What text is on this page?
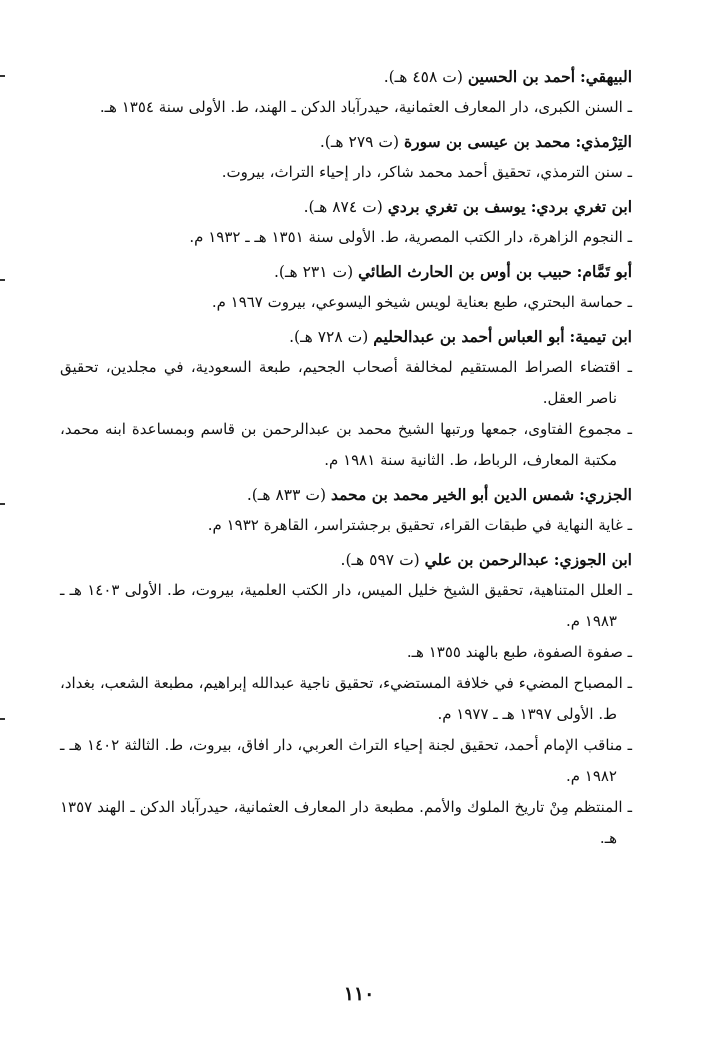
البيهقي: أحمد بن الحسين (ت ٤٥٨ هـ).

ـ السنن الكبرى، دار المعارف العثمانية، حيدرآباد الدكن ـ الهند، ط. الأولى سنة ١٣٥٤ هـ.

التِرْمذي: محمد بن عيسى بن سورة (ت ٢٧٩ هـ).

ـ سنن الترمذي، تحقيق أحمد محمد شاكر، دار إحياء التراث، بيروت.

ابن تغري بردي: يوسف بن تغري بردي (ت ٨٧٤ هـ).

ـ النجوم الزاهرة، دار الكتب المصرية، ط. الأولى سنة ١٣٥١ هـ ـ ١٩٣٢ م.

أبو تَمَّام: حبيب بن أوس بن الحارث الطائي (ت ٢٣١ هـ).

ـ حماسة البحتري، طبع بعناية لويس شيخو اليسوعي، بيروت ١٩٦٧ م.

ابن تيمية: أبو العباس أحمد بن عبدالحليم (ت ٧٢٨ هـ).

ـ اقتضاء الصراط المستقيم لمخالفة أصحاب الجحيم، طبعة السعودية، في مجلدين، تحقيق ناصر العقل.
ـ مجموع الفتاوى، جمعها ورتبها الشيخ محمد بن عبدالرحمن بن قاسم وبمساعدة ابنه محمد، مكتبة المعارف، الرباط، ط. الثانية سنة ١٩٨١ م.

الجزري: شمس الدين أبو الخير محمد بن محمد (ت ٨٣٣ هـ).

ـ غاية النهاية في طبقات القراء، تحقيق برجشتراسر، القاهرة ١٩٣٢ م.

ابن الجوزي: عبدالرحمن بن علي (ت ٥٩٧ هـ).

ـ العلل المتناهية، تحقيق الشيخ خليل الميس، دار الكتب العلمية، بيروت، ط. الأولى ١٤٠٣ هـ ـ ١٩٨٣ م.
ـ صفوة الصفوة، طبع بالهند ١٣٥٥ هـ.
ـ المصباح المضيء في خلافة المستضيء، تحقيق ناجية عبدالله إبراهيم، مطبعة الشعب، بغداد، ط. الأولى ١٣٩٧ هـ ـ ١٩٧٧ م.
ـ مناقب الإمام أحمد، تحقيق لجنة إحياء التراث العربي، دار افاق، بيروت، ط. الثالثة ١٤٠٢ هـ ـ ١٩٨٢ م.
ـ المنتظم مِنْ تاريخ الملوك والأمم. مطبعة دار المعارف العثمانية، حيدرآباد الدكن ـ الهند ١٣٥٧ هـ.
١١٠
